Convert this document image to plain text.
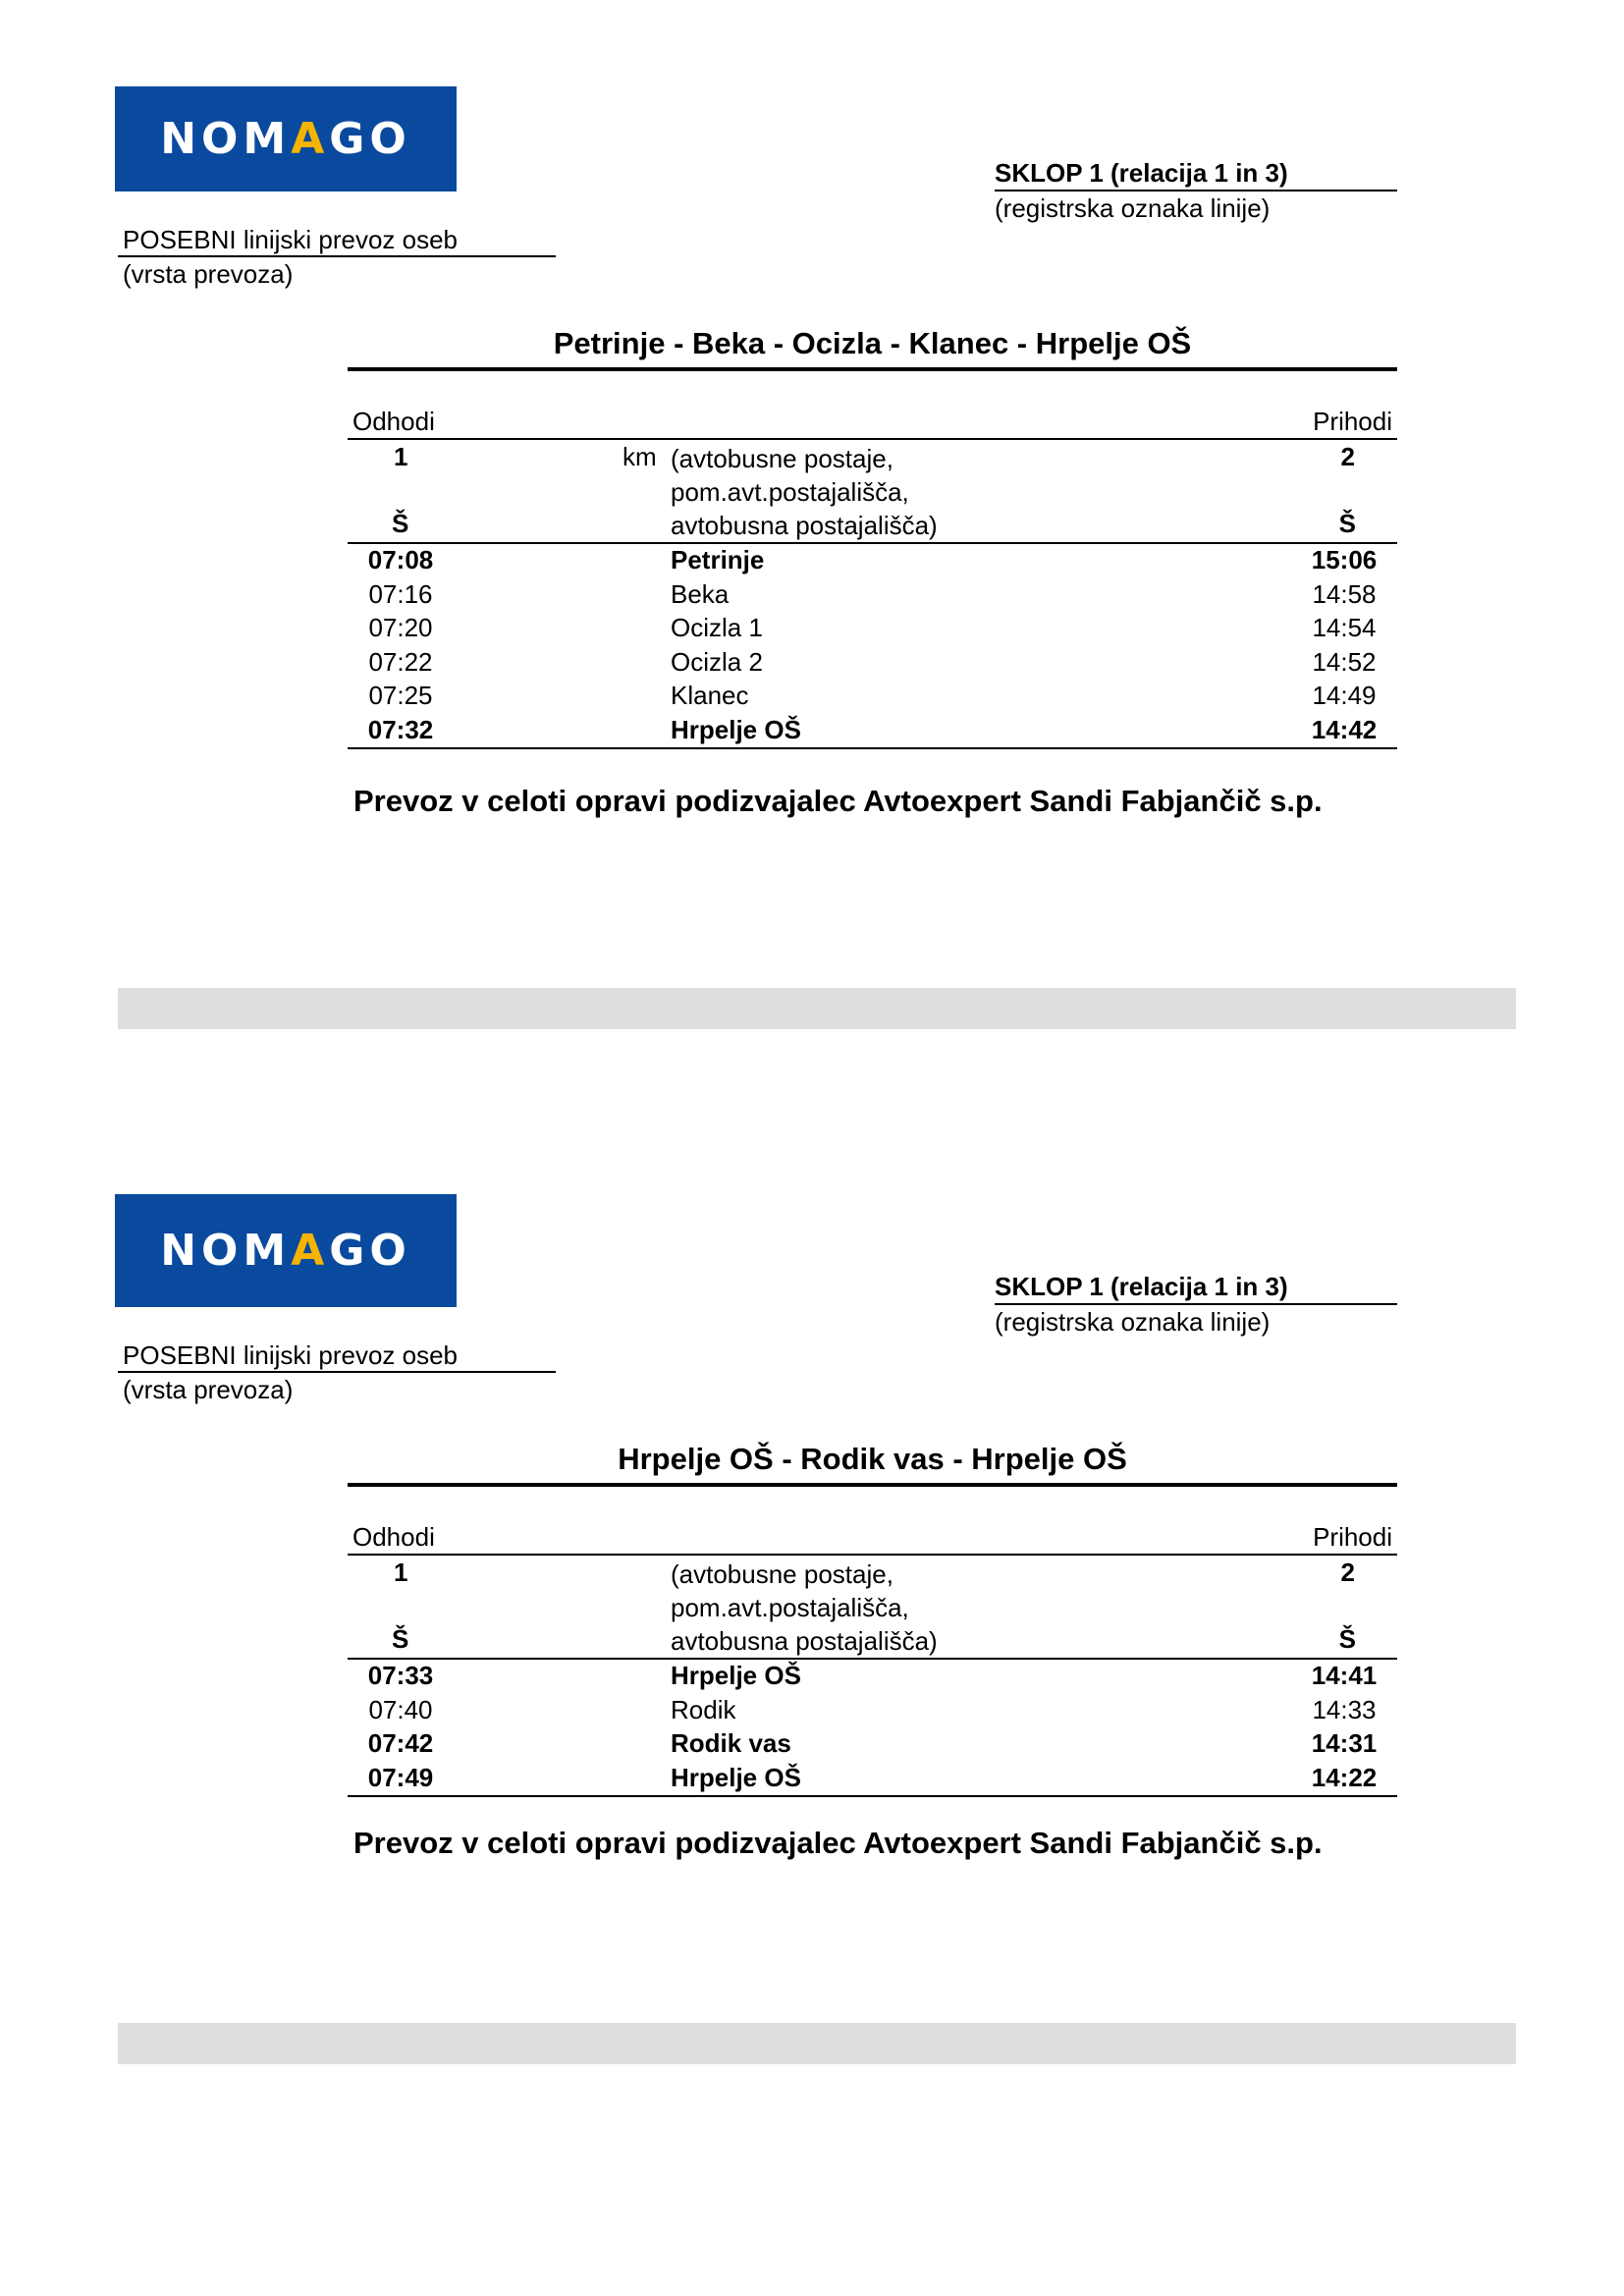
NOMAGO
SKLOP 1 (relacija 1 in 3)
(registrska oznaka linije)
POSEBNI linijski prevoz oseb
(vrsta prevoza)
Petrinje - Beka - Ocizla - Klanec - Hrpelje OŠ
Odhodi	Prihodi
1	km (avtobusne postaje,
pom.avt.postajališča,
avtobusna postajališča)
2
Š	Š
07:08	Petrinje	15:06
07:16	Beka	14:58
07:20	Ocizla 1	14:54
07:22	Ocizla 2	14:52
07:25	Klanec	14:49
07:32	Hrpelje OŠ	14:42
Prevoz v celoti opravi podizvajalec Avtoexpert Sandi Fabjančič s.p.
NOMAGO
SKLOP 1 (relacija 1 in 3)
(registrska oznaka linije)
POSEBNI linijski prevoz oseb
(vrsta prevoza)
Hrpelje OŠ - Rodik vas - Hrpelje OŠ
Odhodi	Prihodi
1	(avtobusne postaje,
pom.avt.postajališča,
avtobusna postajališča)
2
Š	Š
07:33	Hrpelje OŠ	14:41
07:40	Rodik	14:33
07:42	Rodik vas	14:31
07:49	Hrpelje OŠ	14:22
Prevoz v celoti opravi podizvajalec Avtoexpert Sandi Fabjančič s.p.
